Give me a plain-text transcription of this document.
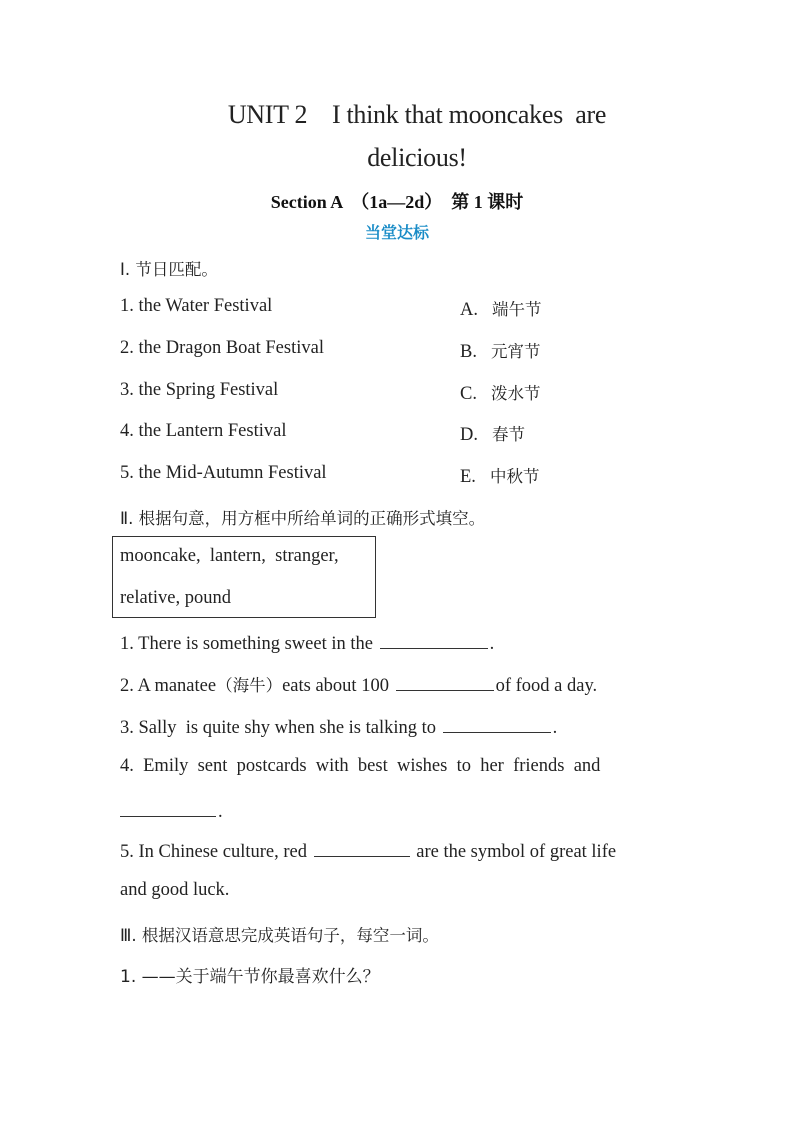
UNIT 2    I think that mooncakes  are
delicious!
Section A  （1a—2d）  第 1 课时
当堂达标
Ⅰ. 节日匹配。
1. the Water Festival	A. 端午节
2. the Dragon Boat Festival	B. 元宵节
3. the Spring Festival	C. 泼水节
4. the Lantern Festival	D. 春节
5. the Mid-Autumn Festival	E. 中秋节
Ⅱ. 根据句意，用方框中所给单词的正确形式填空。
mooncake,  lantern,  stranger,
relative, pound
1. There is something sweet in the	.
2. A manatee（海牛）eats about 100	of food a day.
3. Sally  is quite shy when she is talking to	.
4.  Emily  sent  postcards  with  best  wishes  to  her  friends  and
.
5. In Chinese culture, red	are the symbol of great life
and good luck.
Ⅲ. 根据汉语意思完成英语句子，每空一词。
1. ——关于端午节你最喜欢什么？
